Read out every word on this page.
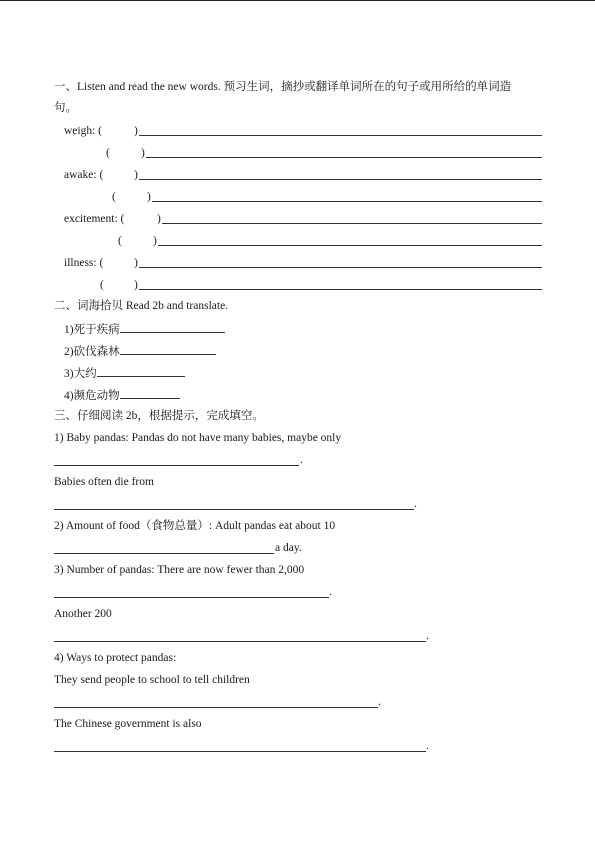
一、Listen and read the new words. 预习生词，摘抄或翻译单词所在的句子或用所给的单词造
句。
weigh: (	)
(	)
awake: (	)
(	)
excitement: (	)
(	)
illness: (	)
(	)
二、词海拾贝 Read 2b and translate.
1)死于疾病
2)砍伐森林
3)大约
4)濒危动物
三、仔细阅读 2b，根据提示，完成填空。
1) Baby pandas: Pandas do not have many babies, maybe only
.
Babies often die from
.
2) Amount of food（食物总量）: Adult pandas eat about 10
a day.
3) Number of pandas: There are now fewer than 2,000
.
Another 200
.
4) Ways to protect pandas:
They send people to school to tell children
.
The Chinese government is also
.
